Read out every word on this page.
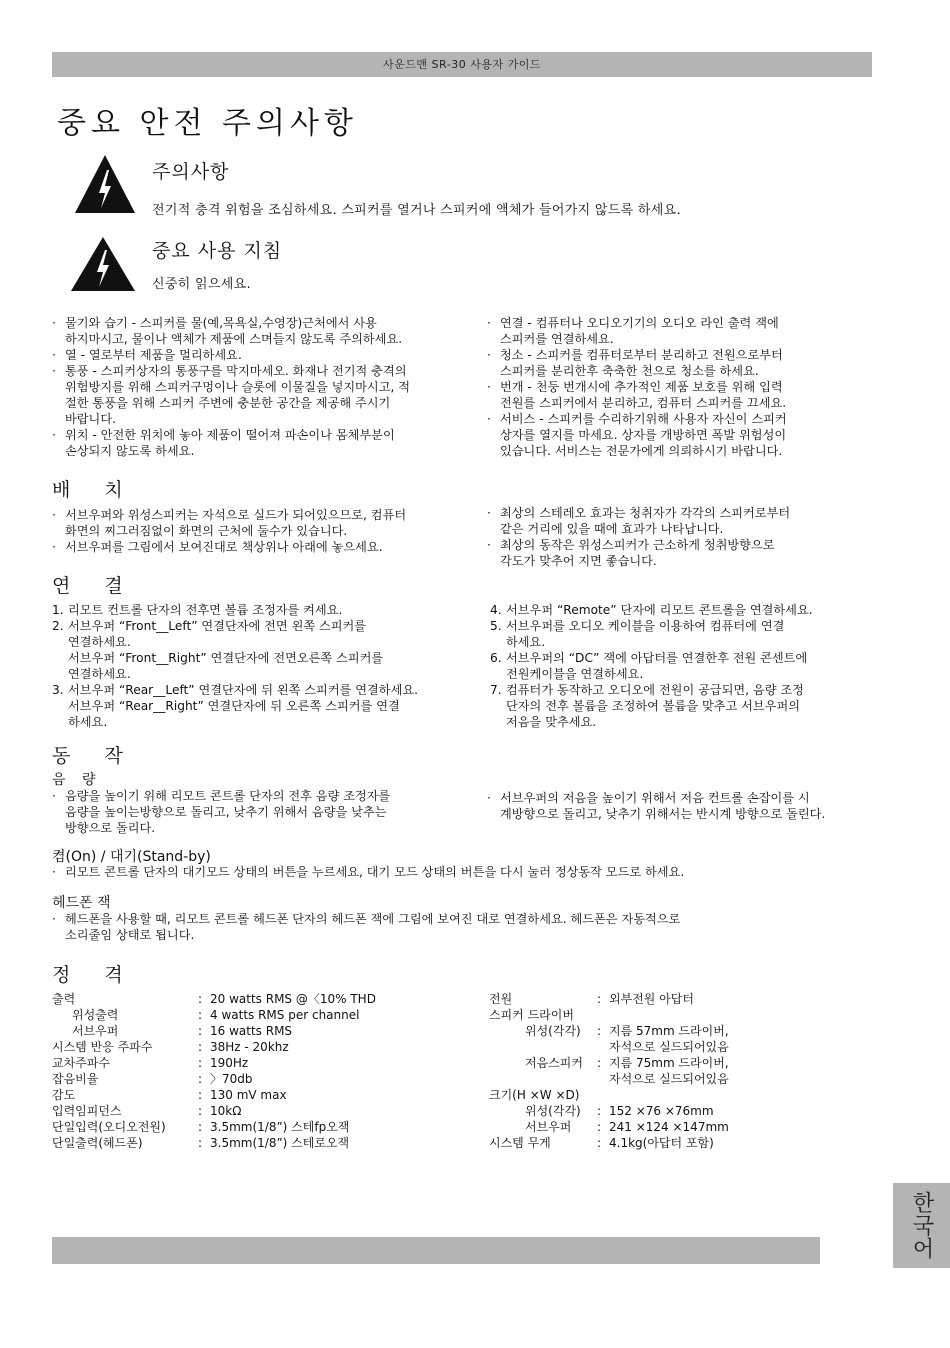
사운드맨 SR-30 사용자 가이드
중요 안전 주의사항
주의사항
전기적 충격 위험을 조심하세요. 스피커를 열거나 스피커에 액체가 들어가지 않드록 하세요.
중요 사용 지침
신중히 읽으세요.
· 물기와 습기 - 스피커를 물(예,목욕실,수영장)근처에서 사용
하지마시고, 물이나 액체가 제품에 스며들지 않도록 주의하세요.
· 열 - 열로부터 제품을 멀리하세요.
· 통풍 - 스피커상자의 통풍구를 막지마세오. 화재나 전기적 충격의
위험방지를 위해 스피커구멍이나 슬롯에 이물질을 넣지마시고, 적
절한 통풍을 위해 스피커 주변에 충분한 공간을 제공해 주시기
바랍니다.
· 위치 - 안전한 위치에 놓아 제품이 떨어져 파손이나 몸체부분이
손상되지 않도록 하세요.
· 연결 - 컴퓨터나 오디오기기의 오디오 라인 출력 잭에
스피커를 연결하세요.
· 청소 - 스피커를 컴퓨터로부터 분리하고 전원으로부터
스피커를 분리한후 축축한 천으로 청소를 하세요.
· 번개 - 천둥 번개시에 추가적인 제품 보호를 위해 입력
전원를 스피커에서 분리하고, 컴퓨터 스피커를 끄세요.
· 서비스 - 스피커를 수리하기위해 사용자 자신이 스피커
상자를 열지를 마세요. 상자를 개방하면 폭발 위험성이
있습니다. 서비스는 전문가에게 의뢰하시기 바랍니다.
배 치
· 서브우퍼와 위성스피커는 자석으로 실드가 되어있으므로, 컴퓨터
화면의 찌그러짐없이 화면의 근처에 둘수가 있습니다.
· 서브우퍼를 그림에서 보여진대로 책상위나 아래에 놓으세요.
· 최상의 스테레오 효과는 청취자가 각각의 스피커로부터
같은 거리에 있을 때에 효과가 나타납니다.
· 최상의 동작은 위성스피커가 근소하게 청취방향으로
각도가 맞추어 지면 좋습니다.
연 결
1. 리모트 컨트롤 단자의 전후면 볼륨 조정자를 켜세요.
2. 서브우퍼 “Front__Left” 연결단자에 전면 왼쪽 스피커를
연결하세요.
서브우퍼 “Front__Right” 연결단자에 전면오른쪽 스피커를
연결하세요.
3. 서브우퍼 “Rear__Left” 연결단자에 뒤 왼쪽 스피커를 연결하세요.
서브우퍼 “Rear__Right” 연결단자에 뒤 오른쪽 스피커를 연결
하세요.
4. 서브우퍼 “Remote” 단자에 리모트 콘트롤을 연결하세요.
5. 서브우퍼를 오디오 케이블을 이용하여 컴퓨터에 연결
하세요.
6. 서브우퍼의 “DC” 잭에 아답터를 연결한후 전원 콘센트에
전원케이블을 연결하세요.
7. 컴퓨터가 동작하고 오디오에 전원이 공급되면, 음량 조정
단자의 전후 볼륨을 조정하여 볼륨을 맞추고 서브우퍼의
저음을 맞추세요.
동 작
음 량
· 음량을 높이기 위해 리모트 콘트롤 단자의 전후 음량 조정자를
음량을 높이는방향으로 돌리고, 낮추기 위해서 음량을 낮추는
방향으로 돌리다.
· 서브우퍼의 저음을 높이기 위해서 저음 컨트롤 손잡이를 시
계방향으로 돌리고, 낮추기 위해서는 반시계 방향으로 돌린다.
켬(On) / 대기(Stand-by)
· 리모트 콘트롤 단자의 대기모드 상태의 버튼을 누르세요, 대기 모드 상태의 버튼을 다시 눌러 정상동작 모드로 하세요.
헤드폰 잭
· 헤드폰을 사용할 때, 리모트 콘트롤 헤드폰 단자의 헤드폰 잭에 그림에 보여진 대로 연결하세요. 헤드폰은 자동적으로
소리줄임 상태로 됩니다.
정 격
출력	: 20 watts RMS @〈10% THD
위성출력	: 4 watts RMS per channel
서브우퍼	: 16 watts RMS
시스템 반응 주파수	: 38Hz - 20khz
교차주파수	: 190Hz
잡음비율	: 〉70db
감도	: 130 mV max
입력임피던스	: 10kΩ
단일입력(오디오전원)	: 3.5mm(1/8”) 스테fp오잭
단일출력(헤드폰)	: 3.5mm(1/8”) 스테로오잭
전원	: 외부전원 아답터
스피커 드라이버
위성(각각)	: 지름 57mm 드라이버,
자석으로 실드되어있음
저음스피커	: 지름 75mm 드라이버,
자석으로 실드되어있음
크기(H ×W ×D)
위성(각각)	: 152 ×76 ×76mm
서브우퍼	: 241 ×124 ×147mm
시스템 무게	: 4.1kg(아답터 포함)
한국어
